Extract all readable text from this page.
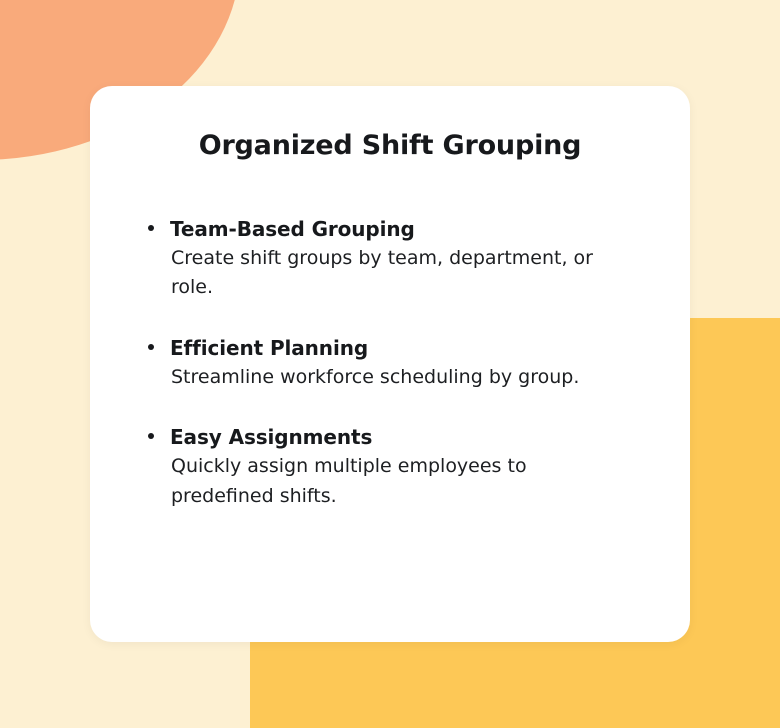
Organized Shift Grouping
Team-Based Grouping
Create shift groups by team, department, or role.
Efficient Planning
Streamline workforce scheduling by group.
Easy Assignments
Quickly assign multiple employees to predefined shifts.
